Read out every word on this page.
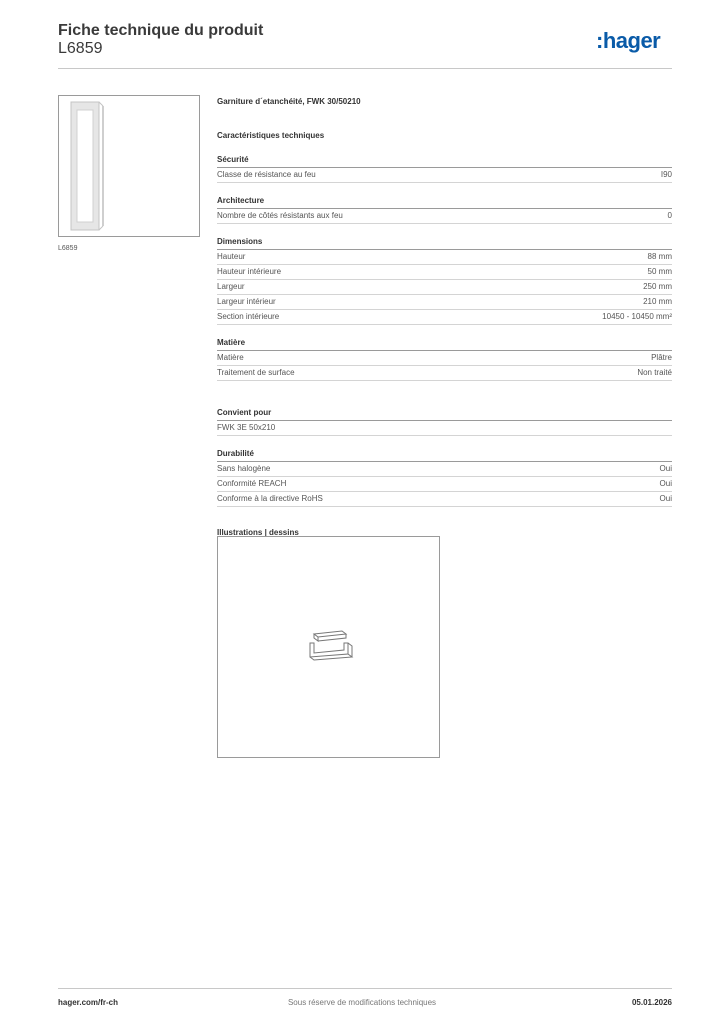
Fiche technique du produit
L6859	:hager
L6859
Garniture d´etanchéité, FWK 30/50210
Caractéristiques techniques
Sécurité
Classe de résistance au feu	I90
Architecture
Nombre de côtés résistants aux feu	0
Dimensions
Hauteur	88 mm
Hauteur intérieure	50 mm
Largeur	250 mm
Largeur intérieur	210 mm
Section intérieure	10450 - 10450 mm²
Matière
Matière	Plâtre
Traitement de surface	Non traité
Convient pour
FWK 3E 50x210
Durabilité
Sans halogène	Oui
Conformité REACH	Oui
Conforme à la directive RoHS	Oui
Illustrations | dessins
Sous réserve de modifications techniques
hager.com/fr-ch	05.01.2026
